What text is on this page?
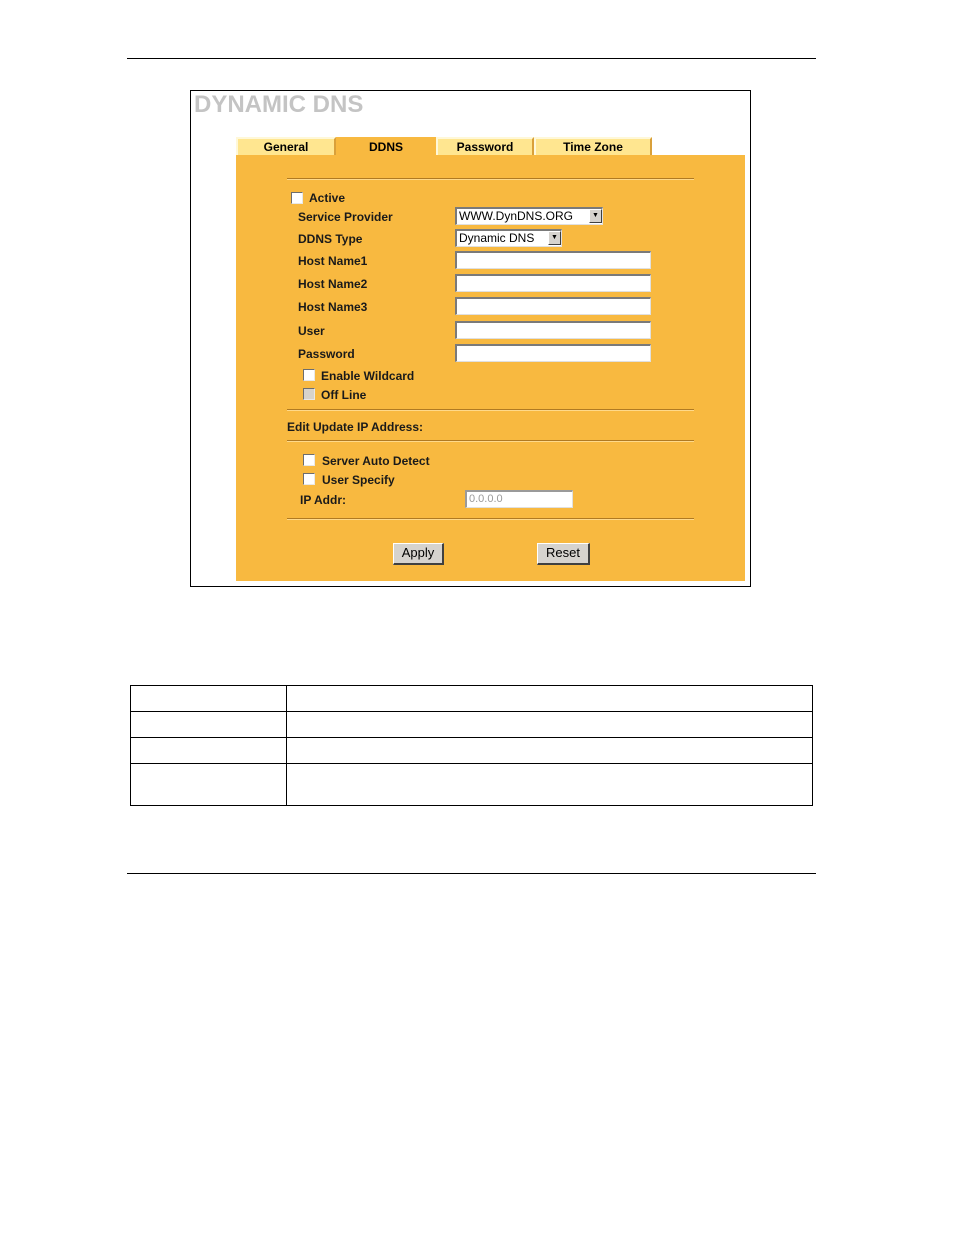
DYNAMIC DNS
General	DDNS	Password	Time Zone
Active
Service Provider	WWW.DynDNS.ORG	▼
DDNS Type	Dynamic DNS	▼
Host Name1
Host Name2
Host Name3
User
Password
Enable Wildcard
Off Line
Edit Update IP Address:
Server Auto Detect
User Specify
IP Addr:	0.0.0.0
Apply	Reset
